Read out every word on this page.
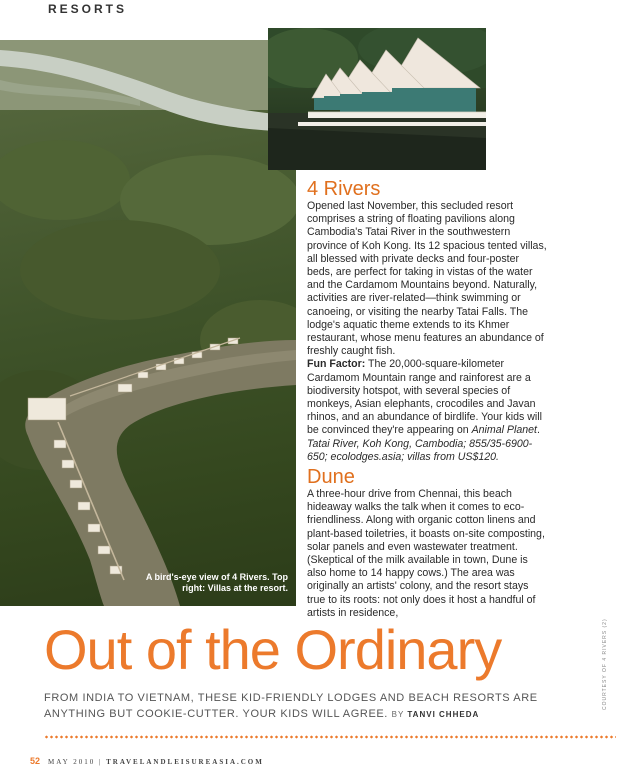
RESORTS
A bird's-eye view of 4 Rivers. Top right: Villas at the resort.
4 Rivers

Opened last November, this secluded resort comprises a string of floating pavilions along Cambodia's Tatai River in the southwestern province of Koh Kong. Its 12 spacious tented villas, all blessed with private decks and four-poster beds, are perfect for taking in vistas of the water and the Cardamom Mountains beyond. Naturally, activities are river-related—think swimming or canoeing, or visiting the nearby Tatai Falls. The lodge's aquatic theme extends to its Khmer restaurant, whose menu features an abundance of freshly caught fish.

Fun Factor: The 20,000-square-kilometer Cardamom Mountain range and rainforest are a biodiversity hotspot, with several species of monkeys, Asian elephants, crocodiles and Javan rhinos, and an abundance of birdlife. Your kids will be convinced they're appearing on Animal Planet. Tatai River, Koh Kong, Cambodia; 855/35-6900-650; ecolodges.asia; villas from US$120.

Dune

A three-hour drive from Chennai, this beach hideaway walks the talk when it comes to eco-friendliness. Along with organic cotton linens and plant-based toiletries, it boasts on-site composting, solar panels and even wastewater treatment. (Skeptical of the milk available in town, Dune is also home to 14 happy cows.) The area was originally an artists' colony, and the resort stays true to its roots: not only does it host a handful of artists in residence,

Out of the Ordinary	COURTESY OF 4 RIVERS (2)
FROM INDIA TO VIETNAM, THESE KID-FRIENDLY LODGES AND BEACH RESORTS ARE ANYTHING BUT COOKIE-CUTTER. YOUR KIDS WILL AGREE. BY TANVI CHHEDA
52 MAY 2010 | TRAVELANDLEISUREASIA.COM
